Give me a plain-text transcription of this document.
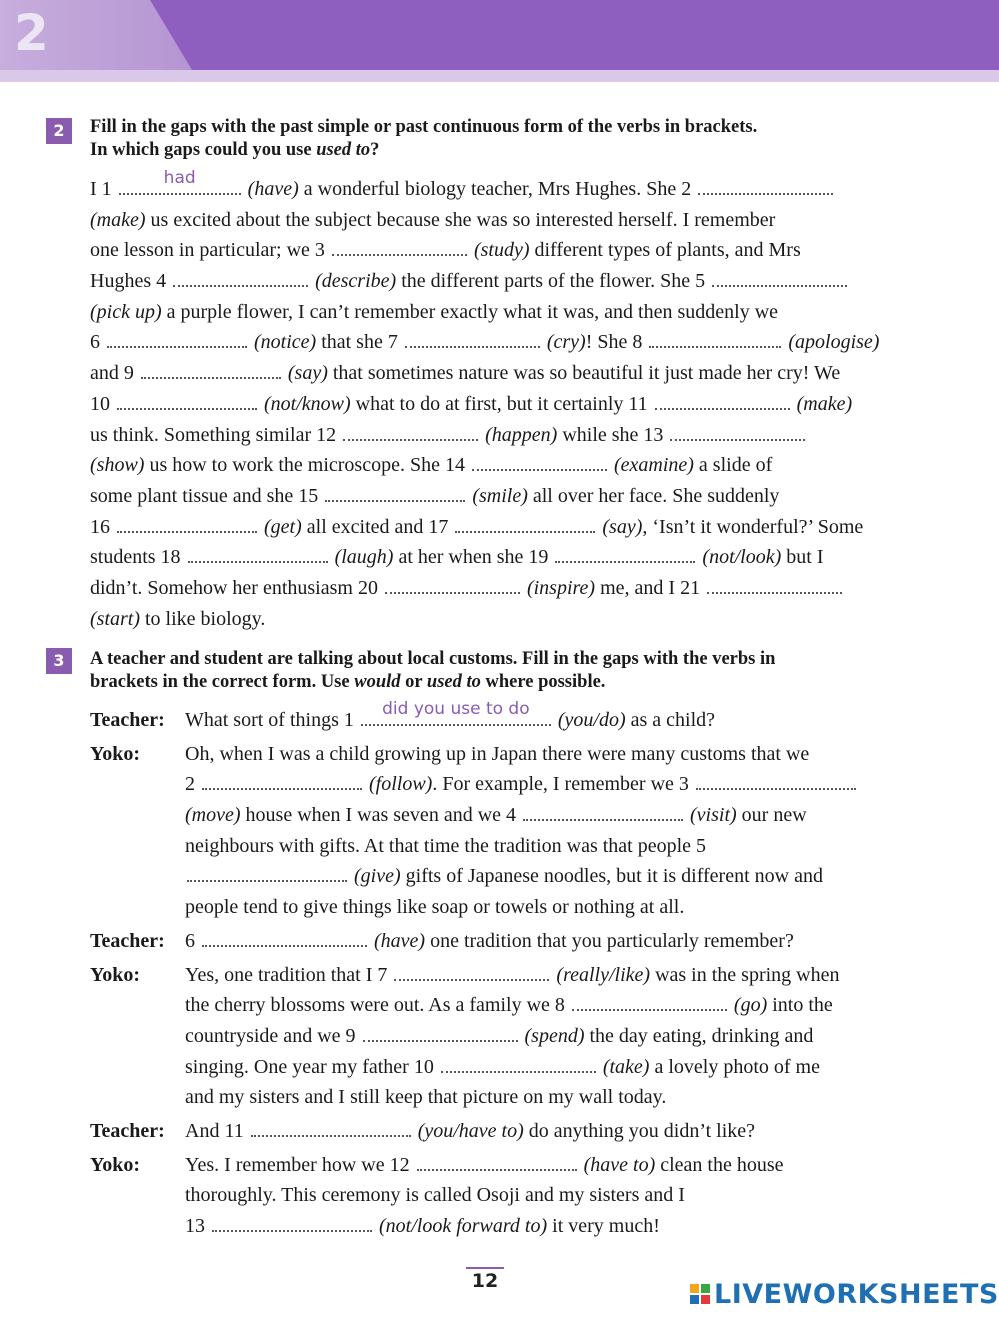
2
2	Fill in the gaps with the past simple or past continuous form of the verbs in brackets.
In which gaps could you use used to?
I 1	had	(have) a wonderful biology teacher, Mrs Hughes. She 2
(make) us excited about the subject because she was so interested herself. I remember
one lesson in particular; we 3	(study) different types of plants, and Mrs
Hughes 4	(describe) the different parts of the flower. She 5
(pick up) a purple flower, I can’t remember exactly what it was, and then suddenly we
6	(notice) that she 7	(cry)! She 8	(apologise)
and 9	(say) that sometimes nature was so beautiful it just made her cry! We
10	(not/know) what to do at first, but it certainly 11	(make)
us think. Something similar 12	(happen) while she 13
(show) us how to work the microscope. She 14	(examine) a slide of
some plant tissue and she 15	(smile) all over her face. She suddenly
16	(get) all excited and 17	(say), ‘Isn’t it wonderful?’ Some
students 18	(laugh) at her when she 19	(not/look) but I
didn’t. Somehow her enthusiasm 20	(inspire) me, and I 21
(start) to like biology.
3	A teacher and student are talking about local customs. Fill in the gaps with the verbs in
brackets in the correct form. Use would or used to where possible.
Teacher: What sort of things 1	did you use to do	(you/do) as a child?
Yoko: Oh, when I was a child growing up in Japan there were many customs that we
2	(follow). For example, I remember we 3
(move) house when I was seven and we 4	(visit) our new
neighbours with gifts. At that time the tradition was that people 5
(give) gifts of Japanese noodles, but it is different now and
people tend to give things like soap or towels or nothing at all.
Teacher: 6	(have) one tradition that you particularly remember?
Yoko: Yes, one tradition that I 7	(really/like) was in the spring when
the cherry blossoms were out. As a family we 8	(go) into the
countryside and we 9	(spend) the day eating, drinking and
singing. One year my father 10	(take) a lovely photo of me
and my sisters and I still keep that picture on my wall today.
Teacher: And 11	(you/have to) do anything you didn’t like?
Yoko: Yes. I remember how we 12	(have to) clean the house
thoroughly. This ceremony is called Osoji and my sisters and I
13	(not/look forward to) it very much!
12	LIVEWORKSHEETS
